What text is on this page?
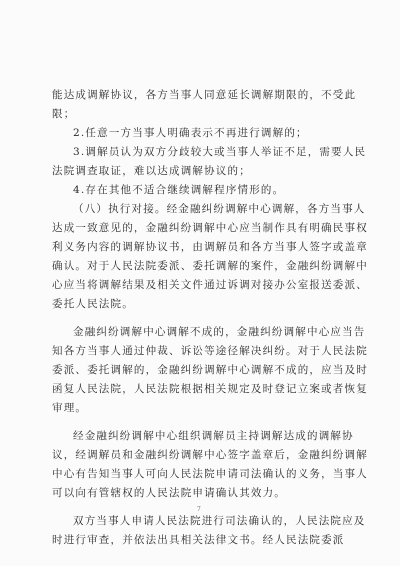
能达成调解协议，各方当事人同意延长调解期限的，不受此限；

2.任意一方当事人明确表示不再进行调解的；

3.调解员认为双方分歧较大或当事人举证不足，需要人民法院调查取证，难以达成调解协议的；

4.存在其他不适合继续调解程序情形的。

（八）执行对接。经金融纠纷调解中心调解，各方当事人达成一致意见的，金融纠纷调解中心应当制作具有明确民事权利义务内容的调解协议书，由调解员和各方当事人签字或盖章确认。对于人民法院委派、委托调解的案件，金融纠纷调解中心应当将调解结果及相关文件通过诉调对接办公室报送委派、委托人民法院。

金融纠纷调解中心调解不成的，金融纠纷调解中心应当告知各方当事人通过仲裁、诉讼等途径解决纠纷。对于人民法院委派、委托调解的，金融纠纷调解中心调解不成的，应当及时函复人民法院，人民法院根据相关规定及时登记立案或者恢复审理。

经金融纠纷调解中心组织调解员主持调解达成的调解协议，经调解员和金融纠纷调解中心签字盖章后，金融纠纷调解中心有告知当事人可向人民法院申请司法确认的义务，当事人可以向有管辖权的人民法院申请确认其效力。

双方当事人申请人民法院进行司法确认的，人民法院应及时进行审查，并依法出具相关法律文书。经人民法院委派

7
